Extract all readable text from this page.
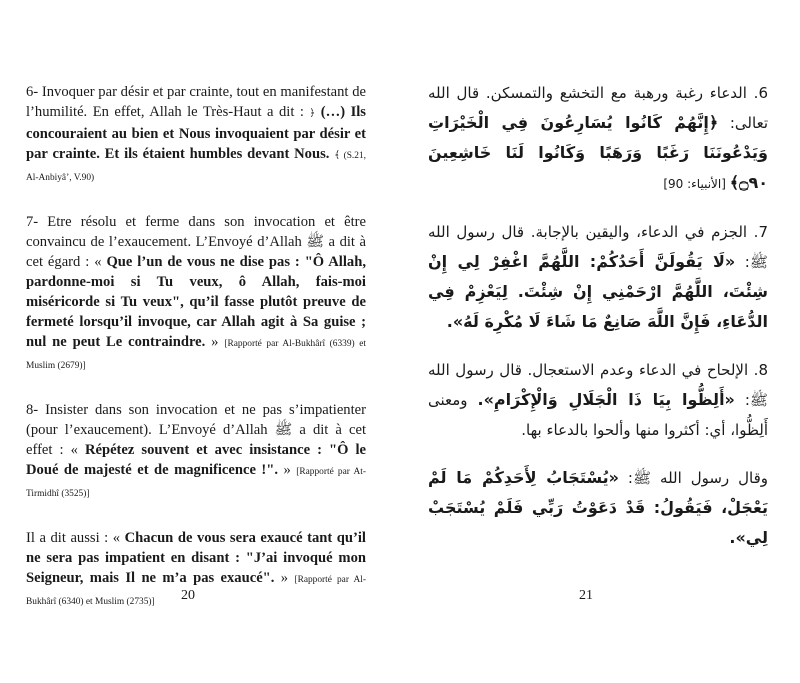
6- Invoquer par désir et par crainte, tout en manifestant de l’humilité. En effet, Allah le Très-Haut a dit : ﴿ (…) Ils concouraient au bien et Nous invoquaient par désir et par crainte. Et ils étaient humbles devant Nous. ﴾ (S.21, Al-Anbiyâ’, V.90)

7- Etre résolu et ferme dans son invocation et être convaincu de l’exaucement. L’Envoyé d’Allah ﷺ a dit à cet égard : « Que l’un de vous ne dise pas : "Ô Allah, pardonne-moi si Tu veux, ô Allah, fais-moi miséricorde si Tu veux", qu’il fasse plutôt preuve de fermeté lorsqu’il invoque, car Allah agit à Sa guise ; nul ne peut Le contraindre. » [Rapporté par Al-Bukhârî (6339) et Muslim (2679)]

8- Insister dans son invocation et ne pas s’impatienter (pour l’exaucement). L’Envoyé d’Allah ﷺ a dit à cet effet : « Répétez souvent et avec insistance : "Ô le Doué de majesté et de magnificence !". » [Rapporté par At-Tirmidhî (3525)]

Il a dit aussi : « Chacun de vous sera exaucé tant qu’il ne sera pas impatient en disant : "J’ai invoqué mon Seigneur, mais Il ne m’a pas exaucé". » [Rapporté par Al-Bukhârî (6340) et Muslim (2735)]	20

6. الدعاء رغبة ورهبة مع التخشع والتمسكن. قال الله تعالى: ﴿إِنَّهُمْ كَانُوا يُسَارِعُونَ فِي الْخَيْرَاتِ وَيَدْعُونَنَا رَغَبًا وَرَهَبًا وَكَانُوا لَنَا خَاشِعِينَ ۝٩٠﴾ [الأنبياء: 90]

7. الجزم في الدعاء، واليقين بالإجابة. قال رسول الله ﷺ: «لَا يَقُولَنَّ أَحَدُكُمْ: اللَّهُمَّ اغْفِرْ لِي إِنْ شِئْتَ، اللَّهُمَّ ارْحَمْنِي إِنْ شِئْتَ. لِيَعْزِمْ فِي الدُّعَاءِ، فَإِنَّ اللَّهَ صَانِعٌ مَا شَاءَ لَا مُكْرِهَ لَهُ».

8. الإلحاح في الدعاء وعدم الاستعجال. قال رسول الله ﷺ: «أَلِظُّوا بِيَا ذَا الْجَلَالِ وَالْإِكْرَامِ». ومعنى أَلِظُّوا، أي: أكثروا منها وألحوا بالدعاء بها.

وقال رسول الله ﷺ: «يُسْتَجَابُ لِأَحَدِكُمْ مَا لَمْ يَعْجَلْ، فَيَقُولُ: قَدْ دَعَوْتُ رَبِّي فَلَمْ يُسْتَجَبْ لِي».

21
